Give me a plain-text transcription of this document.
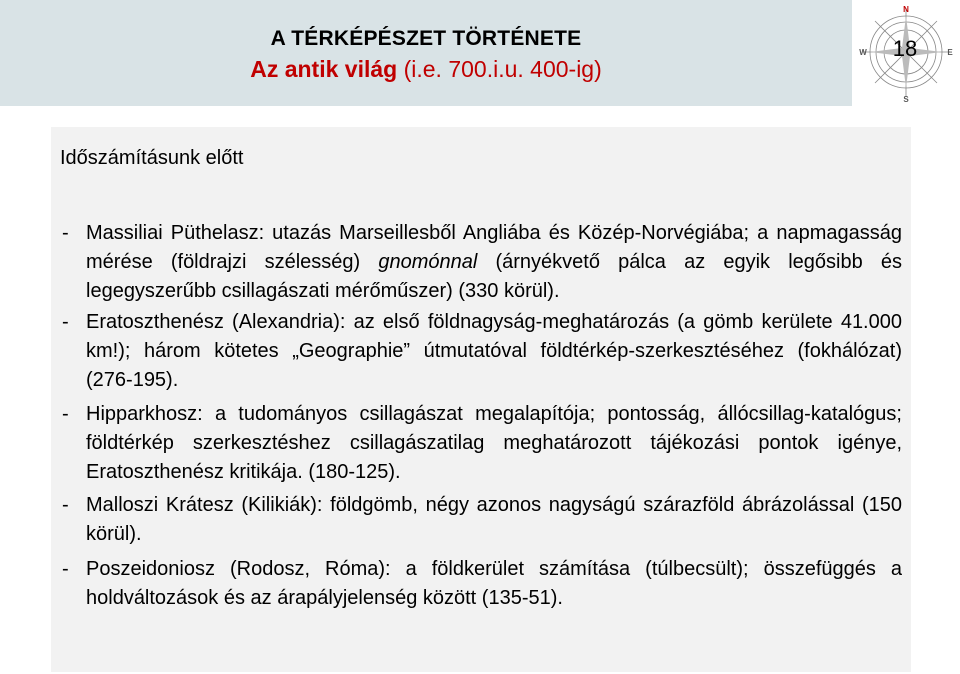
A TÉRKÉPÉSZET TÖRTÉNETE
Az antik világ (i.e. 700.i.u. 400-ig)
N
S
E
W	18
Időszámításunk előtt
- Massiliai Püthelasz: utazás Marseillesből Angliába és Közép-Norvégiába; a napmagasság mérése (földrajzi szélesség) gnomónnal (árnyékvető pálca az egyik legősibb és legegyszerűbb csillagászati mérőműszer) (330 körül).
- Eratoszthenész (Alexandria): az első földnagyság-meghatározás (a gömb kerülete 41.000 km!); három kötetes „Geographie” útmutatóval földtérkép-szerkesztéséhez (fokhálózat) (276-195).
- Hipparkhosz: a tudományos csillagászat megalapítója; pontosság, állócsillag-katalógus; földtérkép szerkesztéshez csillagászatilag meghatározott tájékozási pontok igénye, Eratoszthenész kritikája. (180-125).
- Malloszi Krátesz (Kilikiák): földgömb, négy azonos nagyságú szárazföld ábrázolással (150 körül).
- Poszeidoniosz (Rodosz, Róma): a földkerület számítása (túlbecsült); összefüggés a holdváltozások és az árapályjelenség között (135-51).
